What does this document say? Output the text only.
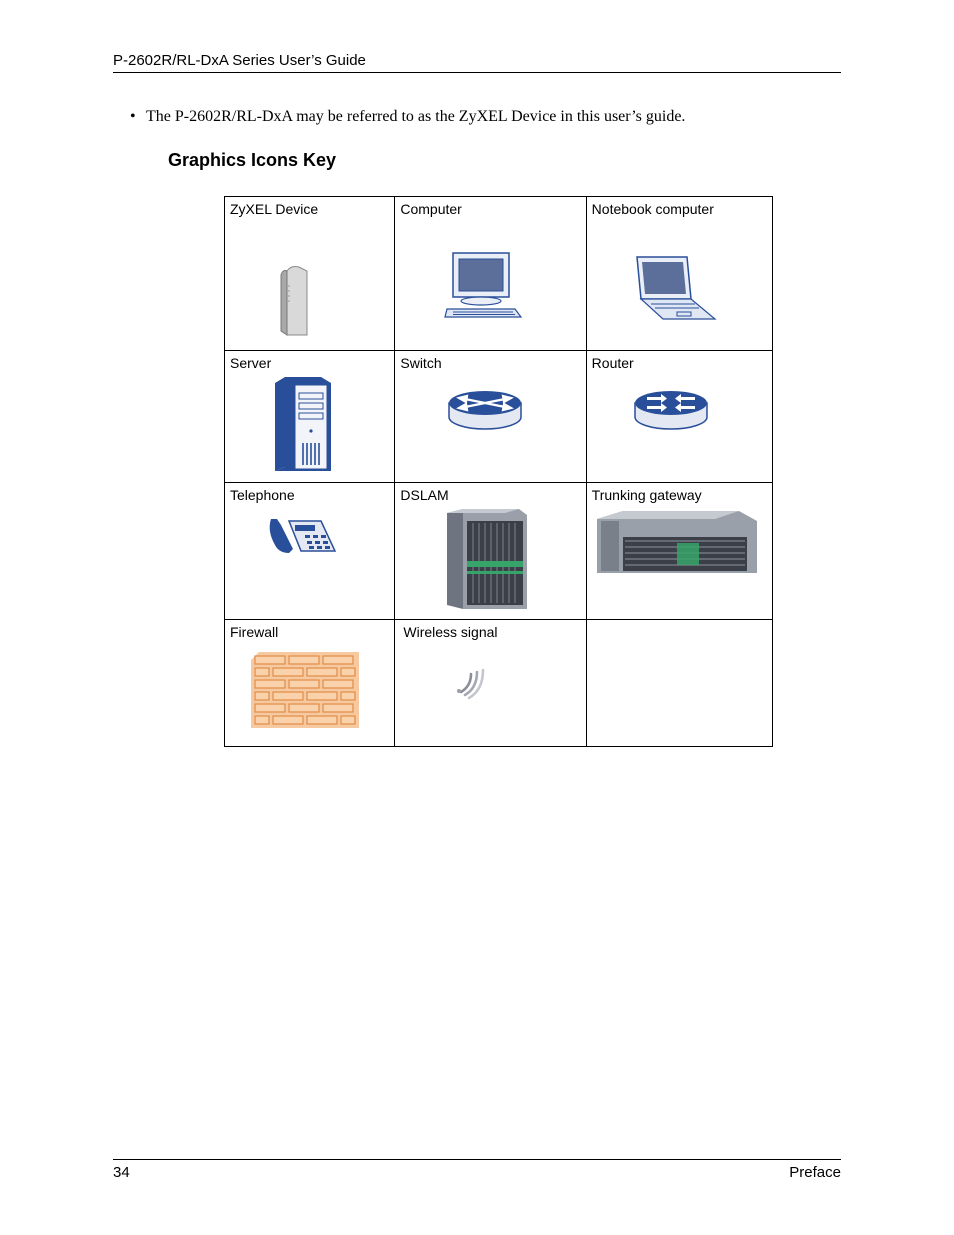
P-2602R/RL-DxA Series User’s Guide
• The P-2602R/RL-DxA may be referred to as the ZyXEL Device in this user’s guide.
Graphics Icons Key
ZyXEL Device	Computer	Notebook computer

Server	Switch	Router

Telephone	DSLAM	Trunking gateway

Firewall	Wireless signal	

34	Preface
